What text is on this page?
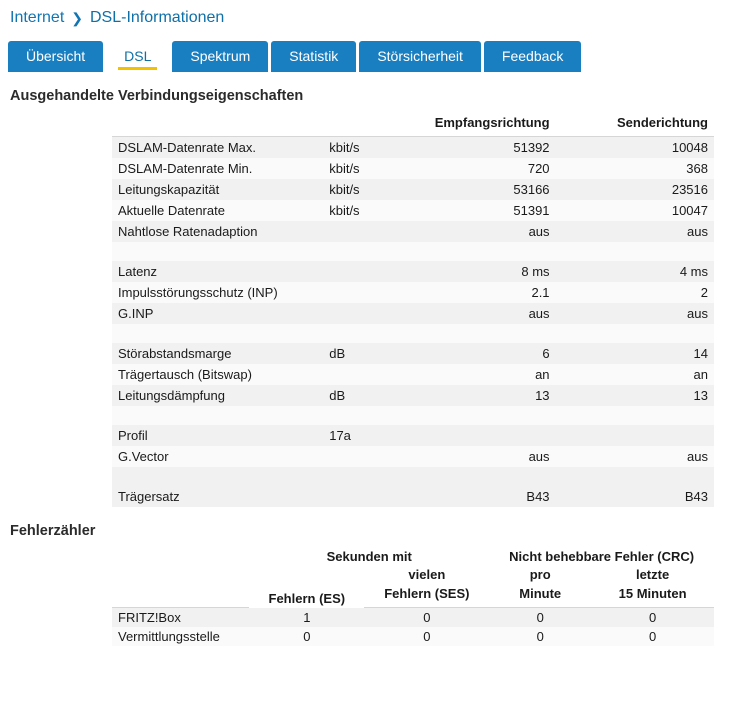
Internet ❯ DSL-Informationen
Übersicht	DSL	Spektrum	Statistik	Störsicherheit	Feedback
Ausgehandelte Verbindungseigenschaften
		Empfangsrichtung	Senderichtung
DSLAM-Datenrate Max.	kbit/s	51392	10048
DSLAM-Datenrate Min.	kbit/s	720	368
Leitungskapazität	kbit/s	53166	23516
Aktuelle Datenrate	kbit/s	51391	10047
Nahtlose Ratenadaption		aus	aus

Latenz		8 ms	4 ms
Impulsstörungsschutz (INP)		2.1	2
G.INP		aus	aus

Störabstandsmarge	dB	6	14
Trägertausch (Bitswap)		an	an
Leitungsdämpfung	dB	13	13

Profil	17a		
G.Vector		aus	aus

Trägersatz		B43	B43
Fehlerzähler
	Sekunden mit		Nicht behebbare Fehler (CRC)	
	Fehlern (ES)	vielen	pro	letzte
		Fehlern (SES)	Minute	15 Minuten
FRITZ!Box	1	0	0	0
Vermittlungsstelle	0	0	0	0
